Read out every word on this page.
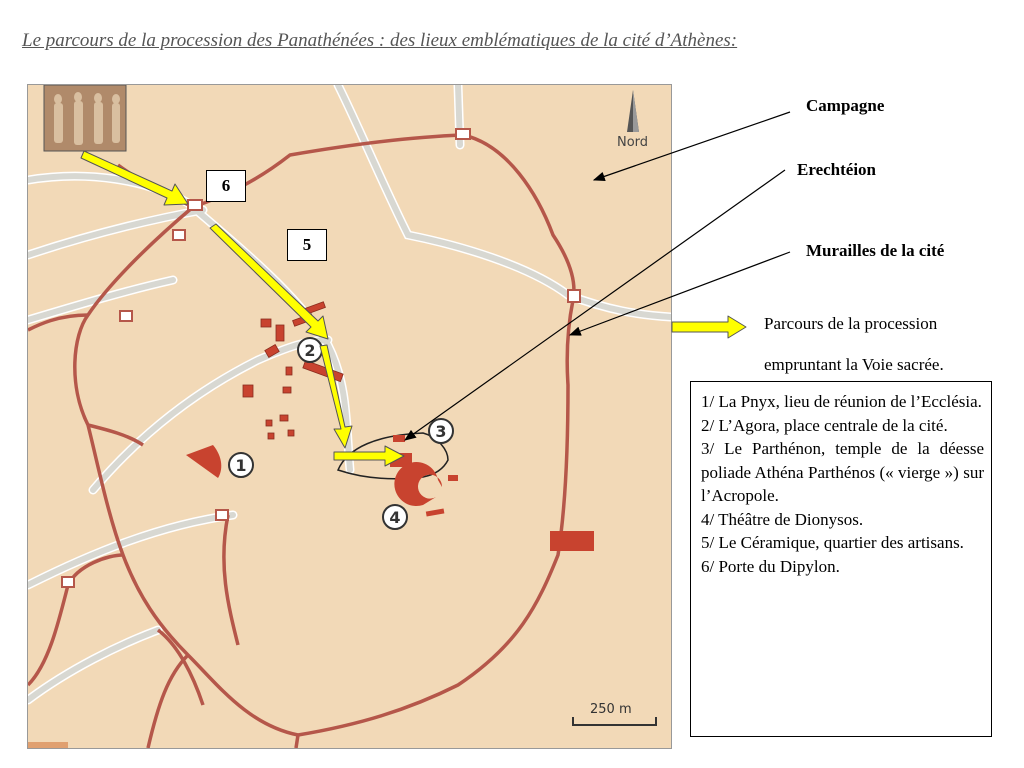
Le parcours de la procession des Panathénées : des lieux emblématiques de la cité d’Athènes:
2
1
3
4
Nord
250 m
6
5
Campagne
Erechtéion
Murailles de la cité
Parcours de la procession
empruntant la Voie sacrée.
1/ La Pnyx, lieu de réunion de l’Ecclésia.
2/ L’Agora, place centrale de la cité.
3/ Le Parthénon, temple de la déesse poliade Athéna Parthénos (« vierge ») sur l’Acropole.
4/ Théâtre de Dionysos.
5/ Le Céramique, quartier des artisans.
6/ Porte du Dipylon.
